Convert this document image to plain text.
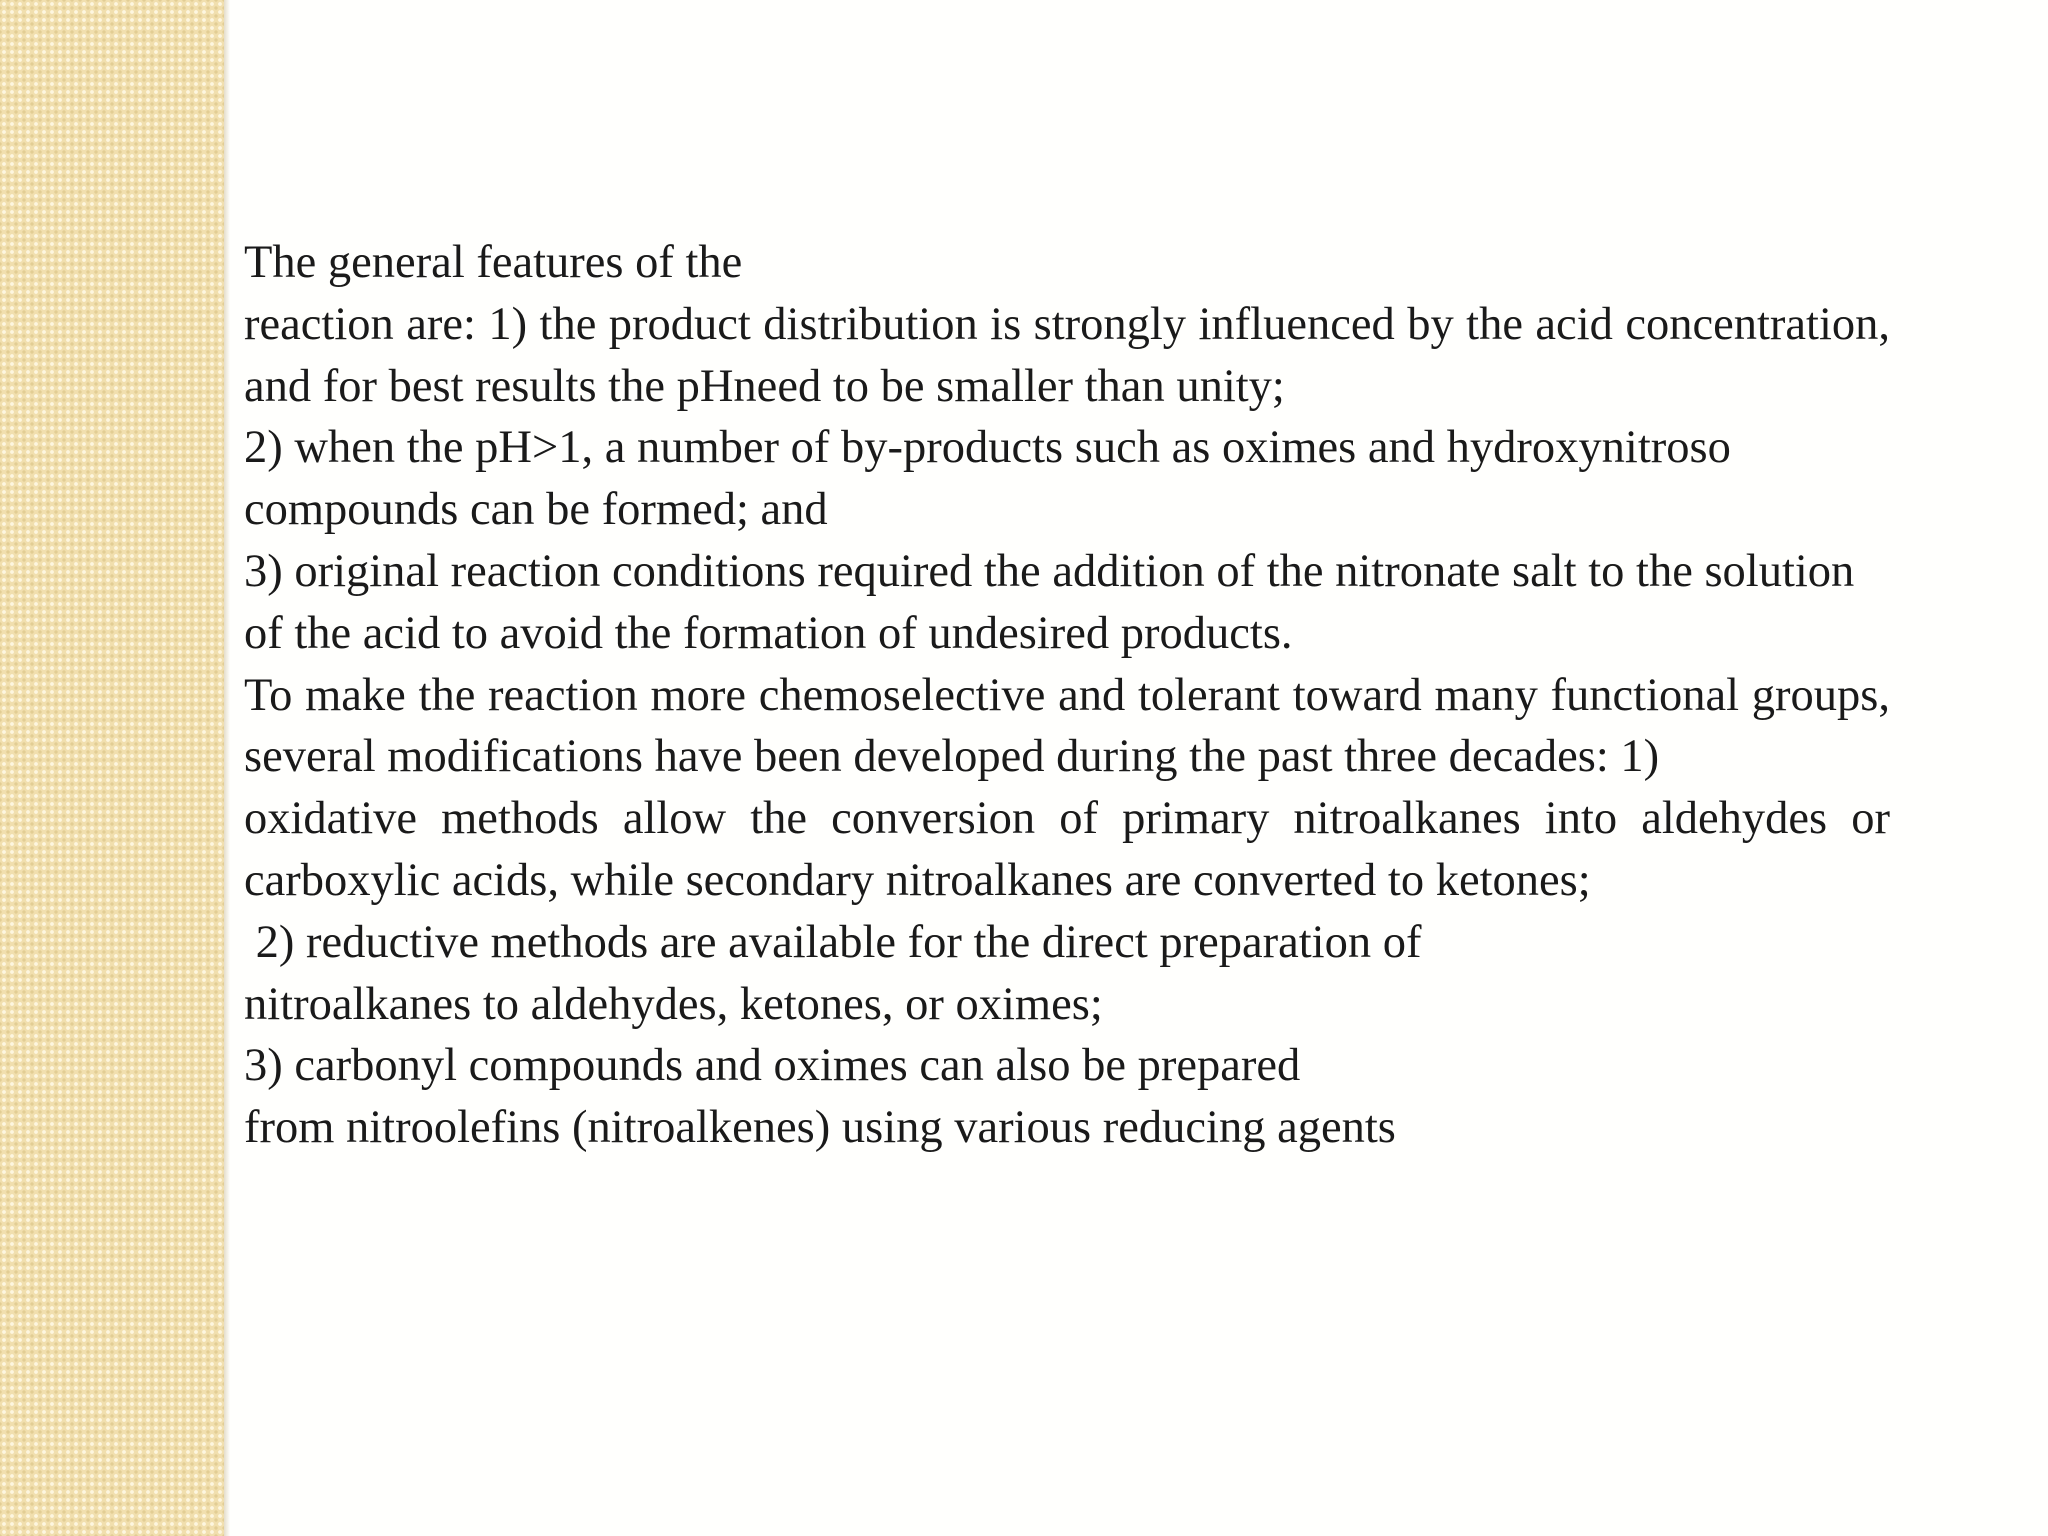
The general features of the
reaction are: 1) the product distribution is strongly influenced by the acid concentration, and for best results the pHneed to be smaller than unity;
2) when the pH>1, a number of by-products such as oximes and hydroxynitroso compounds can be formed; and
3) original reaction conditions required the addition of the nitronate salt to the solution of the acid to avoid the formation of undesired products.
To make the reaction more chemoselective and tolerant toward many functional groups, several modifications have been developed during the past three decades: 1)
oxidative methods allow the conversion of primary nitroalkanes into aldehydes or carboxylic acids, while secondary nitroalkanes are converted to ketones;
2) reductive methods are available for the direct preparation of
nitroalkanes to aldehydes, ketones, or oximes;
3) carbonyl compounds and oximes can also be prepared
from nitroolefins (nitroalkenes) using various reducing agents
